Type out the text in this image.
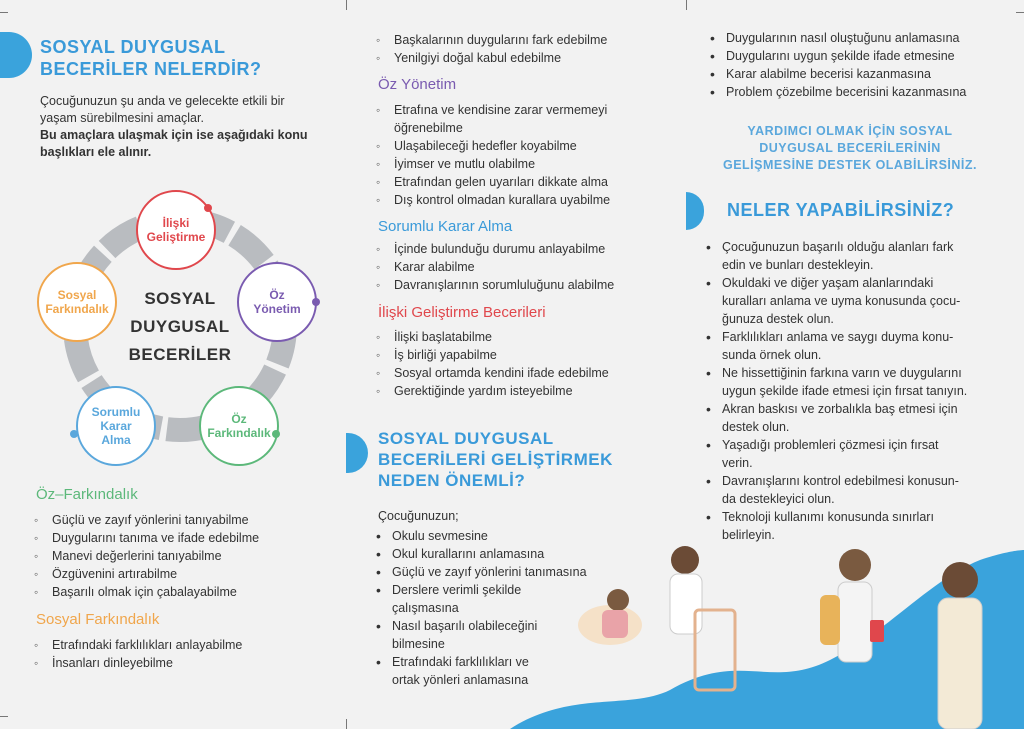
SOSYAL DUYGUSAL
BECERİLER NELERDİR?
Çocuğunuzun şu anda ve gelecekte etkili bir
yaşam sürebilmesini amaçlar.
Bu amaçlara ulaşmak için ise aşağıdaki konu
başlıkları ele alınır.
SOSYAL
DUYGUSAL
BECERİLER
İlişki
Geliştirme
Öz
Yönetim
Öz
Farkındalık
Sorumlu
Karar
Alma
Sosyal
Farkındalık
Öz–Farkındalık
◦ Güçlü ve zayıf yönlerini tanıyabilme
◦ Duygularını tanıma ve ifade edebilme
◦ Manevi değerlerini tanıyabilme
◦ Özgüvenini artırabilme
◦ Başarılı olmak için çabalayabilme
Sosyal Farkındalık
◦ Etrafındaki farklılıkları anlayabilme
◦ İnsanları dinleyebilme
◦ Başkalarının duygularını fark edebilme
◦ Yenilgiyi doğal kabul edebilme
Öz Yönetim
◦ Etrafına ve kendisine zarar vermemeyi
öğrenebilme
◦ Ulaşabileceği hedefler koyabilme
◦ İyimser ve mutlu olabilme
◦ Etrafından gelen uyarıları dikkate alma
◦ Dış kontrol olmadan kurallara uyabilme
Sorumlu Karar Alma
◦ İçinde bulunduğu durumu anlayabilme
◦ Karar alabilme
◦ Davranışlarının sorumluluğunu alabilme
İlişki Geliştirme Becerileri
◦ İlişki başlatabilme
◦ İş birliği yapabilme
◦ Sosyal ortamda kendini ifade edebilme
◦ Gerektiğinde yardım isteyebilme
SOSYAL DUYGUSAL
BECERİLERİ GELİŞTİRMEK
NEDEN ÖNEMLİ?
Çocuğunuzun;
• Okulu sevmesine
• Okul kurallarını anlamasına
• Güçlü ve zayıf yönlerini tanımasına
• Derslere verimli şekilde
çalışmasına
• Nasıl başarılı olabileceğini
bilmesine
• Etrafındaki farklılıkları ve
ortak yönleri anlamasına
• Duygularının nasıl oluştuğunu anlamasına
• Duygularını uygun şekilde ifade etmesine
• Karar alabilme becerisi kazanmasına
• Problem çözebilme becerisini kazanmasına
YARDIMCI OLMAK İÇİN SOSYAL
DUYGUSAL BECERİLERİNİN
GELİŞMESİNE DESTEK OLABİLİRSİNİZ.
NELER YAPABİLİRSİNİZ?
• Çocuğunuzun başarılı olduğu alanları fark
edin ve bunları destekleyin.
• Okuldaki ve diğer yaşam alanlarındaki
kuralları anlama ve uyma konusunda çocu-
ğunuza destek olun.
• Farklılıkları anlama ve saygı duyma konu-
sunda örnek olun.
• Ne hissettiğinin farkına varın ve duygularını
uygun şekilde ifade etmesi için fırsat tanıyın.
• Akran baskısı ve zorbalıkla baş etmesi için
destek olun.
• Yaşadığı problemleri çözmesi için fırsat
verin.
• Davranışlarını kontrol edebilmesi konusun-
da destekleyici olun.
• Teknoloji kullanımı konusunda sınırları
belirleyin.
